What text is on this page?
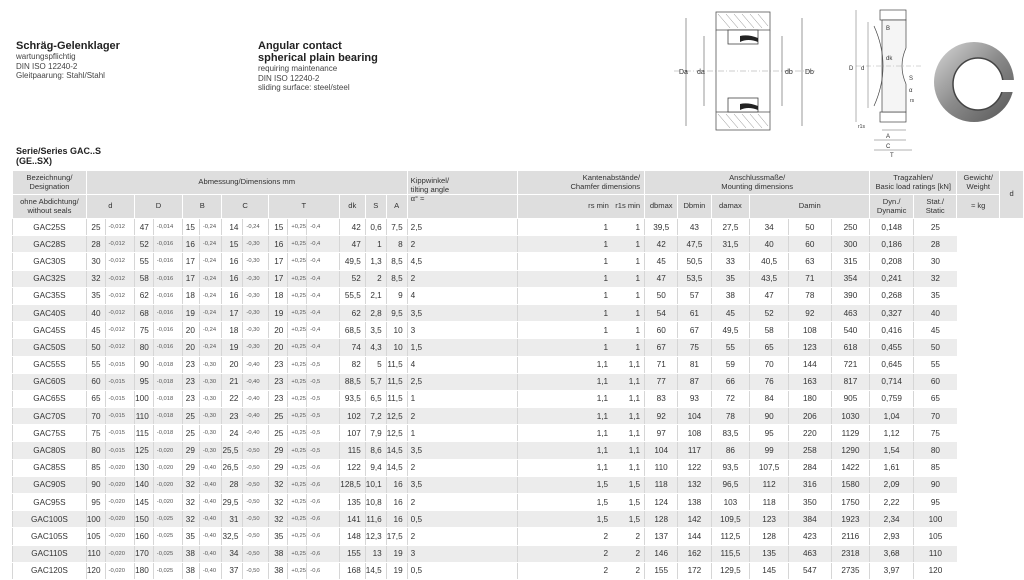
Schräg-Gelenklager
wartungspflichtig
DIN ISO 12240-2
Gleitpaarung: Stahl/Stahl
Angular contact
spherical plain bearing
requiring maintenance
DIN ISO 12240-2
sliding surface: steel/steel
Da da	db Db	D d
dk
B
S
α
rs
r1s
A
C
T
Serie/Series GAC..S
(GE..SX)
Bezeichnung/
Designation	Abmessung/Dimensions mm														Kippwinkel/
tilting angle	Kantenabstände/
Chamfer dimensions	Anschlussmaße/
Mounting dimensions						Tragzahlen/
Basic load ratings [kN]		Gewicht/
Weight	d
ohne Abdichtung/
without seals	d		D		B		C		T			dk	S	A	α° ≈	rs min r1s min	dbmax	Dbmin	damax	Damin			Dyn./
Dynamic	Stat./
Static	≈ kg	
GAC25S	25	-0,012	47	-0,014	15	-0,24	14	-0,24	15	+0,25	-0,4	42	0,6	7,5	2,5	1 1	39,5	43	27,5	34	50	250	0,148	25		
GAC28S	28	-0,012	52	-0,016	16	-0,24	15	-0,30	16	+0,25	-0,4	47	1	8	2	1 1	42	47,5	31,5	40	60	300	0,186	28		
GAC30S	30	-0,012	55	-0,016	17	-0,24	16	-0,30	17	+0,25	-0,4	49,5	1,3	8,5	4,5	1 1	45	50,5	33	40,5	63	315	0,208	30		
GAC32S	32	-0,012	58	-0,016	17	-0,24	16	-0,30	17	+0,25	-0,4	52	2	8,5	2	1 1	47	53,5	35	43,5	71	354	0,241	32		
GAC35S	35	-0,012	62	-0,016	18	-0,24	16	-0,30	18	+0,25	-0,4	55,5	2,1	9	4	1 1	50	57	38	47	78	390	0,268	35		
GAC40S	40	-0,012	68	-0,016	19	-0,24	17	-0,30	19	+0,25	-0,4	62	2,8	9,5	3,5	1 1	54	61	45	52	92	463	0,327	40		
GAC45S	45	-0,012	75	-0,016	20	-0,24	18	-0,30	20	+0,25	-0,4	68,5	3,5	10	3	1 1	60	67	49,5	58	108	540	0,416	45		
GAC50S	50	-0,012	80	-0,016	20	-0,24	19	-0,30	20	+0,25	-0,4	74	4,3	10	1,5	1 1	67	75	55	65	123	618	0,455	50		
GAC55S	55	-0,015	90	-0,018	23	-0,30	20	-0,40	23	+0,25	-0,5	82	5	11,5	4	1,1 1,1	71	81	59	70	144	721	0,645	55		
GAC60S	60	-0,015	95	-0,018	23	-0,30	21	-0,40	23	+0,25	-0,5	88,5	5,7	11,5	2,5	1,1 1,1	77	87	66	76	163	817	0,714	60		
GAC65S	65	-0,015	100	-0,018	23	-0,30	22	-0,40	23	+0,25	-0,5	93,5	6,5	11,5	1	1,1 1,1	83	93	72	84	180	905	0,759	65		
GAC70S	70	-0,015	110	-0,018	25	-0,30	23	-0,40	25	+0,25	-0,5	102	7,2	12,5	2	1,1 1,1	92	104	78	90	206	1030	1,04	70		
GAC75S	75	-0,015	115	-0,018	25	-0,30	24	-0,40	25	+0,25	-0,5	107	7,9	12,5	1	1,1 1,1	97	108	83,5	95	220	1129	1,12	75		
GAC80S	80	-0,015	125	-0,020	29	-0,30	25,5	-0,50	29	+0,25	-0,5	115	8,6	14,5	3,5	1,1 1,1	104	117	86	99	258	1290	1,54	80		
GAC85S	85	-0,020	130	-0,020	29	-0,40	26,5	-0,50	29	+0,25	-0,6	122	9,4	14,5	2	1,1 1,1	110	122	93,5	107,5	284	1422	1,61	85		
GAC90S	90	-0,020	140	-0,020	32	-0,40	28	-0,50	32	+0,25	-0,6	128,5	10,1	16	3,5	1,5 1,5	118	132	96,5	112	316	1580	2,09	90		
GAC95S	95	-0,020	145	-0,020	32	-0,40	29,5	-0,50	32	+0,25	-0,6	135	10,8	16	2	1,5 1,5	124	138	103	118	350	1750	2,22	95		
GAC100S	100	-0,020	150	-0,025	32	-0,40	31	-0,50	32	+0,25	-0,6	141	11,6	16	0,5	1,5 1,5	128	142	109,5	123	384	1923	2,34	100		
GAC105S	105	-0,020	160	-0,025	35	-0,40	32,5	-0,50	35	+0,25	-0,6	148	12,3	17,5	2	2 2	137	144	112,5	128	423	2116	2,93	105		
GAC110S	110	-0,020	170	-0,025	38	-0,40	34	-0,50	38	+0,25	-0,6	155	13	19	3	2 2	146	162	115,5	135	463	2318	3,68	110		
GAC120S	120	-0,020	180	-0,025	38	-0,40	37	-0,50	38	+0,25	-0,6	168	14,5	19	0,5	2 2	155	172	129,5	145	547	2735	3,97	120		
